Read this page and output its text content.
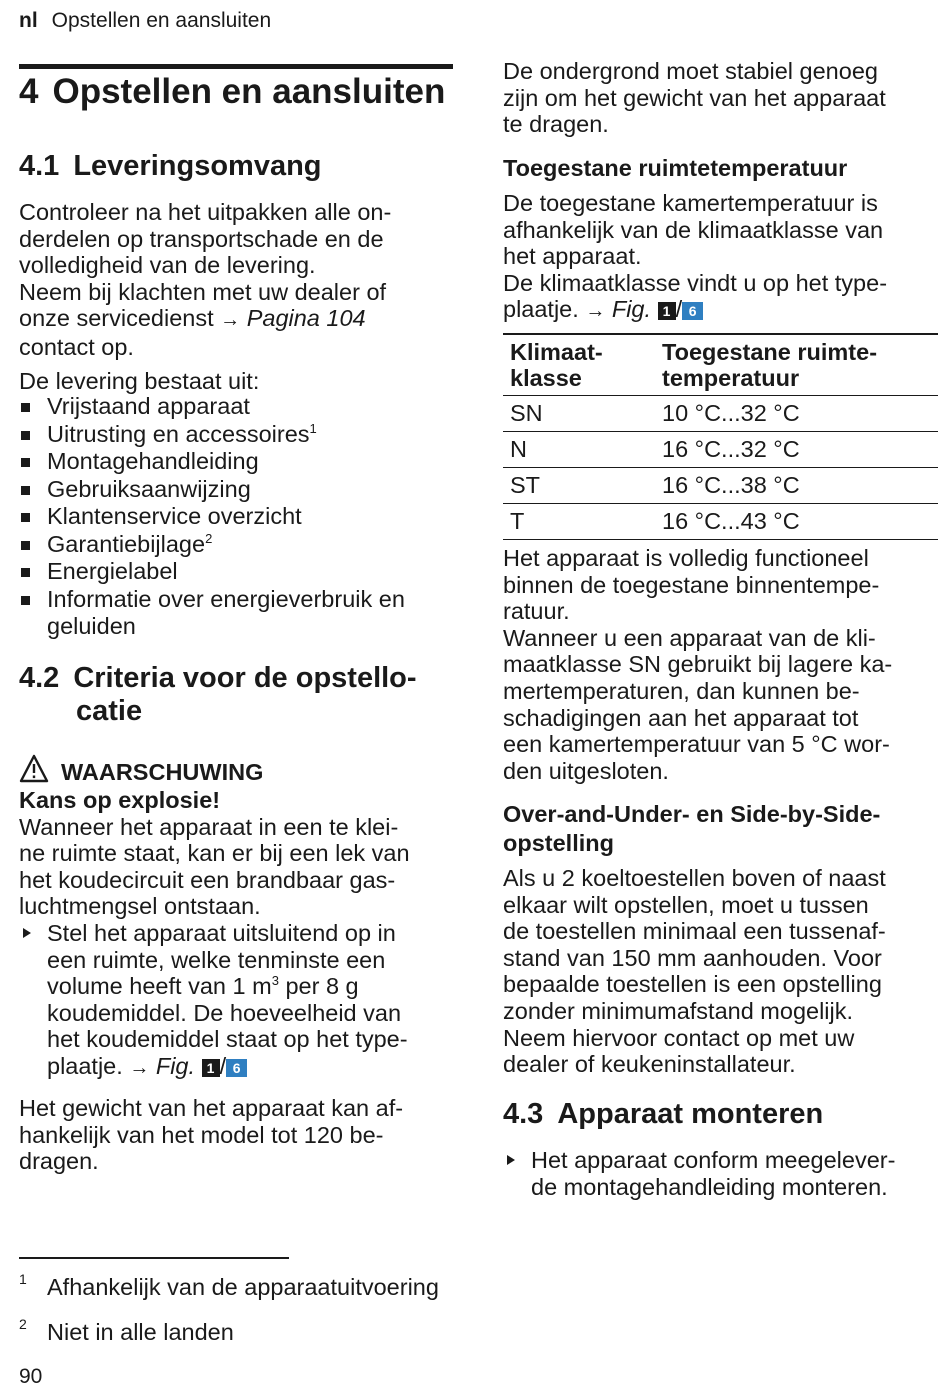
nl Opstellen en aansluiten
4 Opstellen en aansluiten
4.1 Leveringsomvang

Controleer na het uitpakken alle on-

derdelen op transportschade en de

volledigheid van de levering.

Neem bij klachten met uw dealer of

onze servicedienst → Pagina 104

contact op.

De levering bestaat uit:

Vrijstaand apparaat
Uitrusting en accessoires$^1$
Montagehandleiding
Gebruiksaanwijzing
Klantenservice overzicht
Garantiebijlage$^2$
Energielabel
Informatie over energieverbruik en
geluiden
4.2 Criteria voor de opstello-
catie
WAARSCHUWING

Kans op explosie!

Wanneer het apparaat in een te klei-

ne ruimte staat, kan er bij een lek van

het koudecircuit een brandbaar gas-

luchtmengsel ontstaan.

Stel het apparaat uitsluitend op in
een ruimte, welke tenminste een
volume heeft van 1 $m^3$ per 8 g
koudemiddel. De hoeveelheid van
het koudemiddel staat op het type-
plaatje. → Fig. 1 / 6

Het gewicht van het apparaat kan af-

hankelijk van het model tot 120 be-

dragen.

De ondergrond moet stabiel genoeg

zijn om het gewicht van het apparaat

te dragen.

Toegestane ruimtetemperatuur

De toegestane kamertemperatuur is

afhankelijk van de klimaatklasse van

het apparaat.

De klimaatklasse vindt u op het type-

plaatje. → Fig. 1 / 6

Klimaat-
klasse	Toegestane ruimte-
temperatuur
SN	10 °C...32 °C
N	16 °C...32 °C
ST	16 °C...38 °C
T	16 °C...43 °C

Het apparaat is volledig functioneel

binnen de toegestane binnentempe-

ratuur.

Wanneer u een apparaat van de kli-

maatklasse SN gebruikt bij lagere ka-

mertemperaturen, dan kunnen be-

schadigingen aan het apparaat tot

een kamertemperatuur van 5 °C wor-

den uitgesloten.

Over-and-Under- en Side-by-Side-
opstelling

Als u 2 koeltoestellen boven of naast

elkaar wilt opstellen, moet u tussen

de toestellen minimaal een tussenaf-

stand van 150 mm aanhouden. Voor

bepaalde toestellen is een opstelling

zonder minimumafstand mogelijk.

Neem hiervoor contact op met uw

dealer of keukeninstallateur.

4.3 Apparaat monteren
Het apparaat conform meegelever-
de montagehandleiding monteren.
1 Afhankelijk van de apparaatuitvoering
2 Niet in alle landen
90
